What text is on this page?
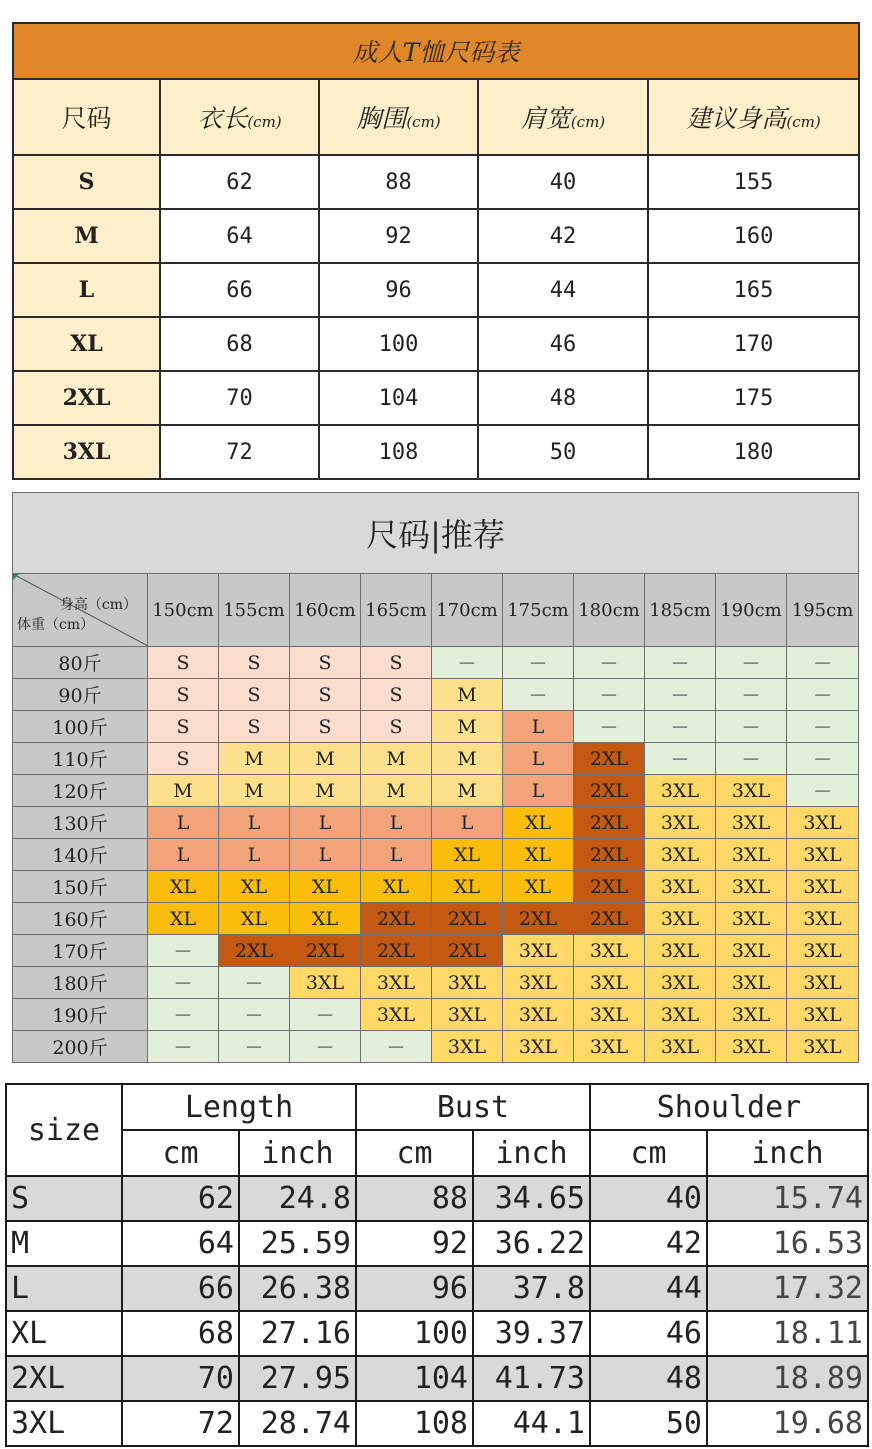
成人T恤尺码表				
尺码	衣长(cm)	胸围(cm)	肩宽(cm)	建议身高(cm)
S	62	88	40	155
M	64	92	42	160
L	66	96	44	165
XL	68	100	46	170
2XL	70	104	48	175
3XL	72	108	50	180
尺码|推荐										

身高（cm）
体重（cm）	150cm	155cm	160cm	165cm	170cm	175cm	180cm	185cm	190cm	195cm
80斤	S	S	S	S	－	－	－	－	－	－
90斤	S	S	S	S	M	－	－	－	－	－
100斤	S	S	S	S	M	L	－	－	－	－
110斤	S	M	M	M	M	L	2XL	－	－	－
120斤	M	M	M	M	M	L	2XL	3XL	3XL	－
130斤	L	L	L	L	L	XL	2XL	3XL	3XL	3XL
140斤	L	L	L	L	XL	XL	2XL	3XL	3XL	3XL
150斤	XL	XL	XL	XL	XL	XL	2XL	3XL	3XL	3XL
160斤	XL	XL	XL	2XL	2XL	2XL	2XL	3XL	3XL	3XL
170斤	－	2XL	2XL	2XL	2XL	3XL	3XL	3XL	3XL	3XL
180斤	－	－	3XL	3XL	3XL	3XL	3XL	3XL	3XL	3XL
190斤	－	－	－	3XL	3XL	3XL	3XL	3XL	3XL	3XL
200斤	－	－	－	－	3XL	3XL	3XL	3XL	3XL	3XL
size	Length		Bust		Shoulder	
	cm	inch	cm	inch	cm	inch
S	62	24.8	88	34.65	40	15.74
M	64	25.59	92	36.22	42	16.53
L	66	26.38	96	37.8	44	17.32
XL	68	27.16	100	39.37	46	18.11
2XL	70	27.95	104	41.73	48	18.89
3XL	72	28.74	108	44.1	50	19.68
